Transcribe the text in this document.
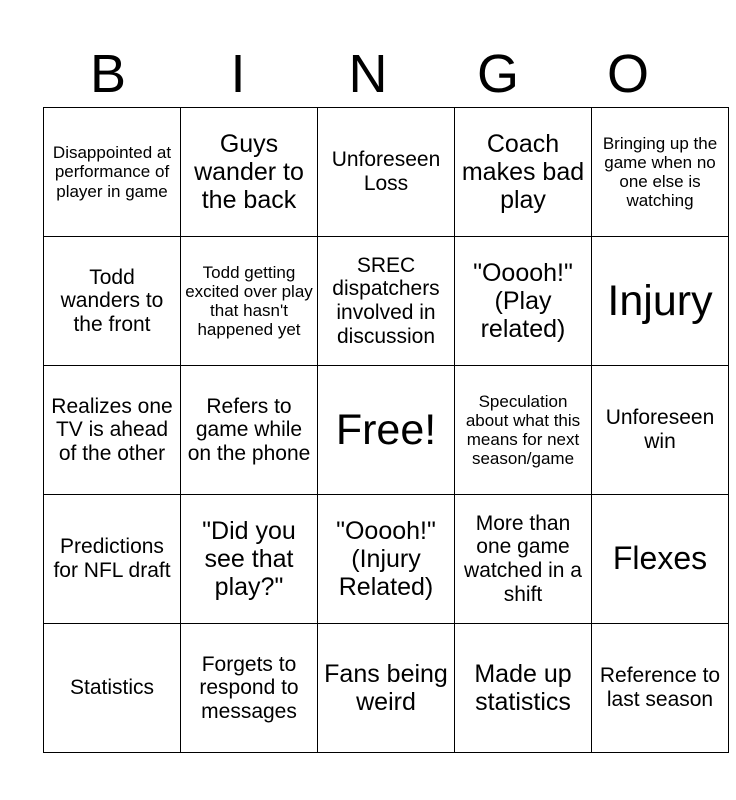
B	I	N	G	O
Disappointed at performance of player in game	Guys wander to the back	Unforeseen Loss	Coach makes bad play	Bringing up the game when no one else is watching
Todd wanders to the front	Todd getting excited over play that hasn't happened yet	SREC dispatchers involved in discussion	"Ooooh!" (Play related)	Injury
Realizes one TV is ahead of the other	Refers to game while on the phone	Free!	Speculation about what this means for next season/game	Unforeseen win
Predictions for NFL draft	"Did you see that play?"	"Ooooh!" (Injury Related)	More than one game watched in a shift	Flexes
Statistics	Forgets to respond to messages	Fans being weird	Made up statistics	Reference to last season
